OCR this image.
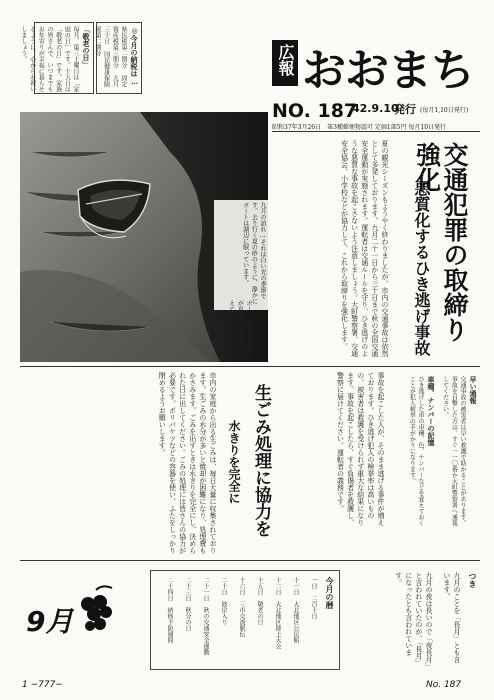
◎今月の納税は…
県民税第二期分 固定資産税第三期分 九月三十日 国民健康保険税第二期分
「敬老の日」
毎月、第三土曜日は「家庭の日」です。十五日は「敬老の日」です。家族の皆さんで、いつまでもお年寄りが幸福に暮らせるように、心からお祝いしましょう。	広報 おおまち
NO. 187
42.9.10
発行 (毎月1,10日発行)
昭和37年3月26日　第3種郵便物認可 定価1部5円 毎月10日発行
交通犯罪の取締り強化
悪質化するひき逃げ事故
夏の観光シーズンもようやく終わりましたが、市内の交通事故は依然として多発しております。九月二十一日から三十日まで秋の全国交通安全運動が実施されます。運転者は交通ルールを守り、ひき逃げのような悪質な事故を起こさないよう注意しましょう。大町警察署、交通安全協会、小学校などが協力して、これから取締りを強化します。
九月の訪れ…それは白い光の季節です。去り行く夏の砂のように、静かにボートは湖辺に眠っています。
ボートに寄せる波だけが夏の日の名残りを伝えています。
（木崎湖畔にて）
事故を起こした人が、そのまま逃げる事件が増えております。ひき逃げ犯人の検挙率は高いものの、被害者は救護を受けられず重大な結果になります。事故を起こしたら、すぐ負傷者を救護し、警察に届けてください。運転者の義務です。	早い通報
交通事故の被害者は早い救護で助かることがあります。事故を目撃した方は、すぐ一一〇番か大町警察署へ通報してください。
車種、ナンバーの記憶
ひき逃げした車の車種、色、ナンバーなどを覚えておくことが犯人検挙の手がかりになります。
生ごみ処理に協力を
水きりを完全に
市内の家庭から出る生ごみは、毎日大量に収集されております。生ごみの水分が多いと焼却が困難になり、処理費もかさみます。ごみを出すときは水きりを完全にし、決められた日に出してください。ごみの処理には皆さんの協力が必要です。ポリバケツなどの容器を使い、ふたをしっかり閉めるようお願いします。
9月
今月の暦
一日　二百十日
十一日　大北地区公民館
十二日　大北地区陸上大会
十五日　敬老の日
十六日　三市交流駅伝
二十日　彼岸入り
二十一日　秋の交通安全運動
二十三日　秋分の日
二十四日　結核予防週間	つき
九月のことを「長月」とも言います。
九月の夜は長いので「夜長月」と言われていたのが、「長月」になったとも言われています。
1 −777−	No. 187
